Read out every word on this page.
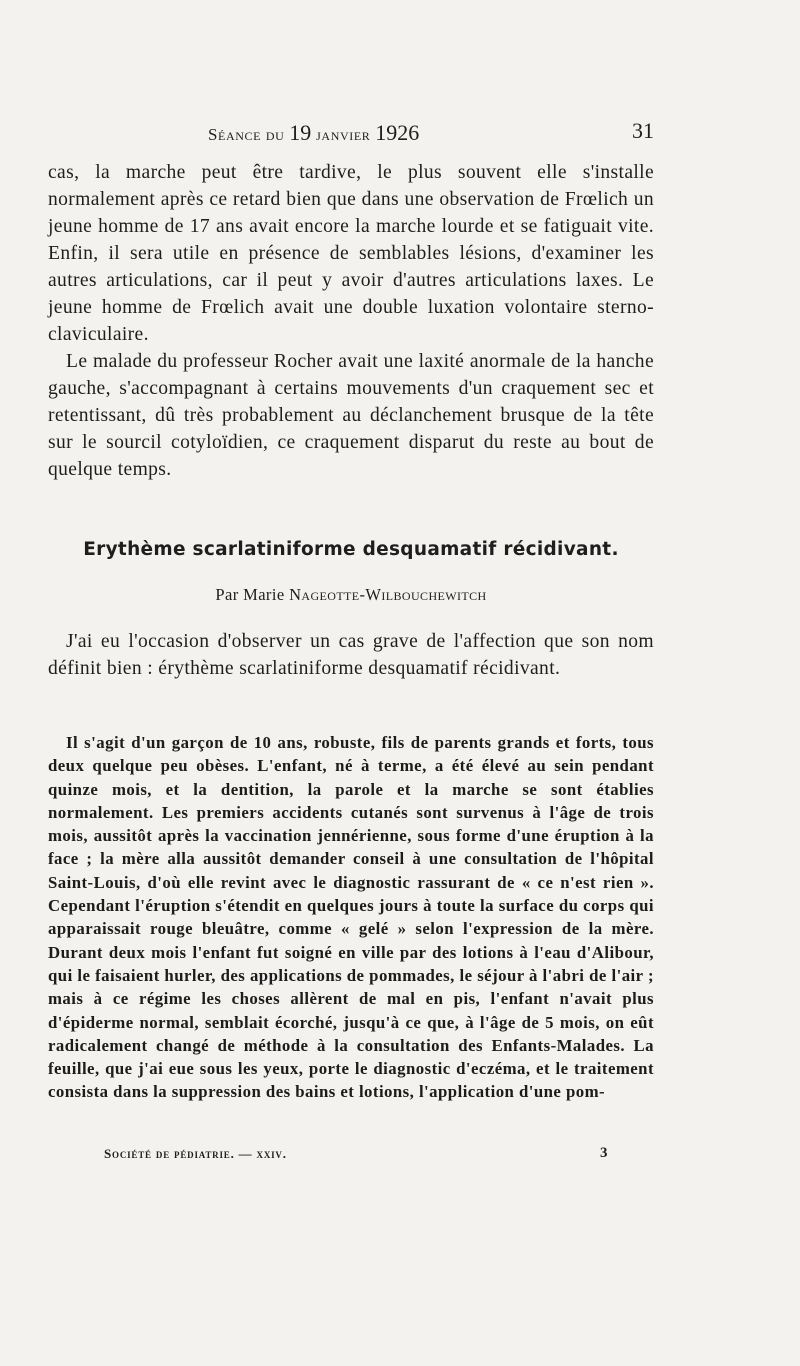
Séance du 19 janvier 1926	31

cas, la marche peut être tardive, le plus souvent elle s'installe normalement après ce retard bien que dans une observation de Frœlich un jeune homme de 17 ans avait encore la marche lourde et se fatiguait vite. Enfin, il sera utile en présence de semblables lésions, d'examiner les autres articulations, car il peut y avoir d'autres articulations laxes. Le jeune homme de Frœlich avait une double luxation volontaire sterno-claviculaire.

Le malade du professeur Rocher avait une laxité anormale de la hanche gauche, s'accompagnant à certains mouvements d'un craquement sec et retentissant, dû très probablement au déclanchement brusque de la tête sur le sourcil cotyloïdien, ce craquement disparut du reste au bout de quelque temps.

Erythème scarlatiniforme desquamatif récidivant.

Par Marie Nageotte-Wilbouchewitch

J'ai eu l'occasion d'observer un cas grave de l'affection que son nom définit bien : érythème scarlatiniforme desquamatif récidivant.

Il s'agit d'un garçon de 10 ans, robuste, fils de parents grands et forts, tous deux quelque peu obèses. L'enfant, né à terme, a été élevé au sein pendant quinze mois, et la dentition, la parole et la marche se sont établies normalement. Les premiers accidents cutanés sont survenus à l'âge de trois mois, aussitôt après la vaccination jennérienne, sous forme d'une éruption à la face ; la mère alla aussitôt demander conseil à une consultation de l'hôpital Saint-Louis, d'où elle revint avec le diagnostic rassurant de « ce n'est rien ». Cependant l'éruption s'étendit en quelques jours à toute la surface du corps qui apparaissait rouge bleuâtre, comme « gelé » selon l'expression de la mère. Durant deux mois l'enfant fut soigné en ville par des lotions à l'eau d'Alibour, qui le faisaient hurler, des applications de pommades, le séjour à l'abri de l'air ; mais à ce régime les choses allèrent de mal en pis, l'enfant n'avait plus d'épiderme normal, semblait écorché, jusqu'à ce que, à l'âge de 5 mois, on eût radicalement changé de méthode à la consultation des Enfants-Malades. La feuille, que j'ai eue sous les yeux, porte le diagnostic d'eczéma, et le traitement consista dans la suppression des bains et lotions, l'application d'une pom-

Société de pédiatrie. — xxiv.	3
